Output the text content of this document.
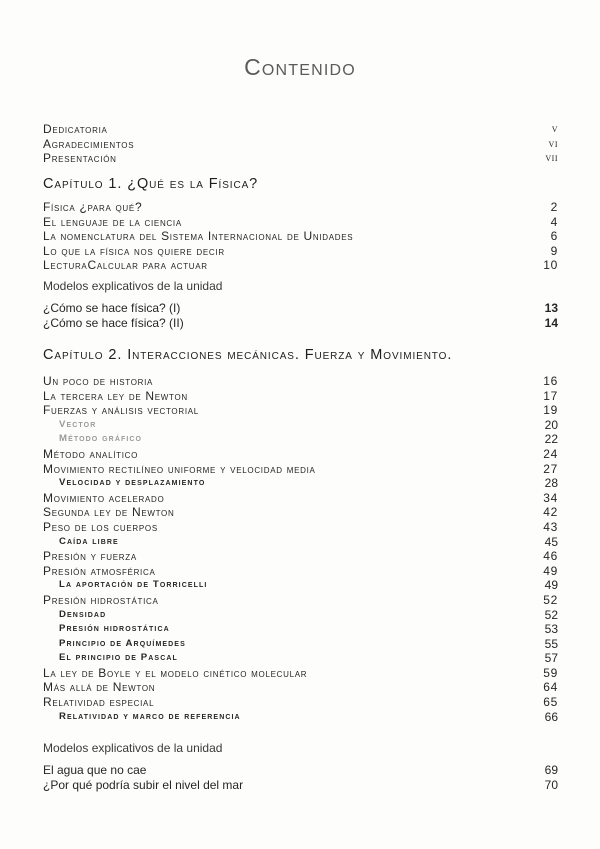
Contenido
Dedicatoria	v
Agradecimientos	vi
Presentación	vii
Capítulo 1. ¿Qué es la Física?
Física ¿para qué?	2
El lenguaje de la ciencia	4
La nomenclatura del Sistema Internacional de Unidades	6
Lo que la física nos quiere decir	9
LecturaCalcular para actuar	10
Modelos explicativos de la unidad
¿Cómo se hace física? (I)	13
¿Cómo se hace física? (II)	14
Capítulo 2. Interacciones mecánicas. Fuerza y Movimiento.
Un poco de historia	16
La tercera ley de Newton	17
Fuerzas y análisis vectorial	19
Vector	20
Método gráfico	22
Método analítico	24
Movimiento rectilíneo uniforme y velocidad media	27
Velocidad y desplazamiento	28
Movimiento acelerado	34
Segunda ley de Newton	42
Peso de los cuerpos	43
Caída libre	45
Presión y fuerza	46
Presión atmosférica	49
La aportación de Torricelli	49
Presión hidrostática	52
Densidad	52
Presión hidrostática	53
Principio de Arquímedes	55
El principio de Pascal	57
La ley de Boyle y el modelo cinético molecular	59
Más allá de Newton	64
Relatividad especial	65
Relatividad y marco de referencia	66
Modelos explicativos de la unidad
El agua que no cae	69
¿Por qué podría subir el nivel del mar	70
